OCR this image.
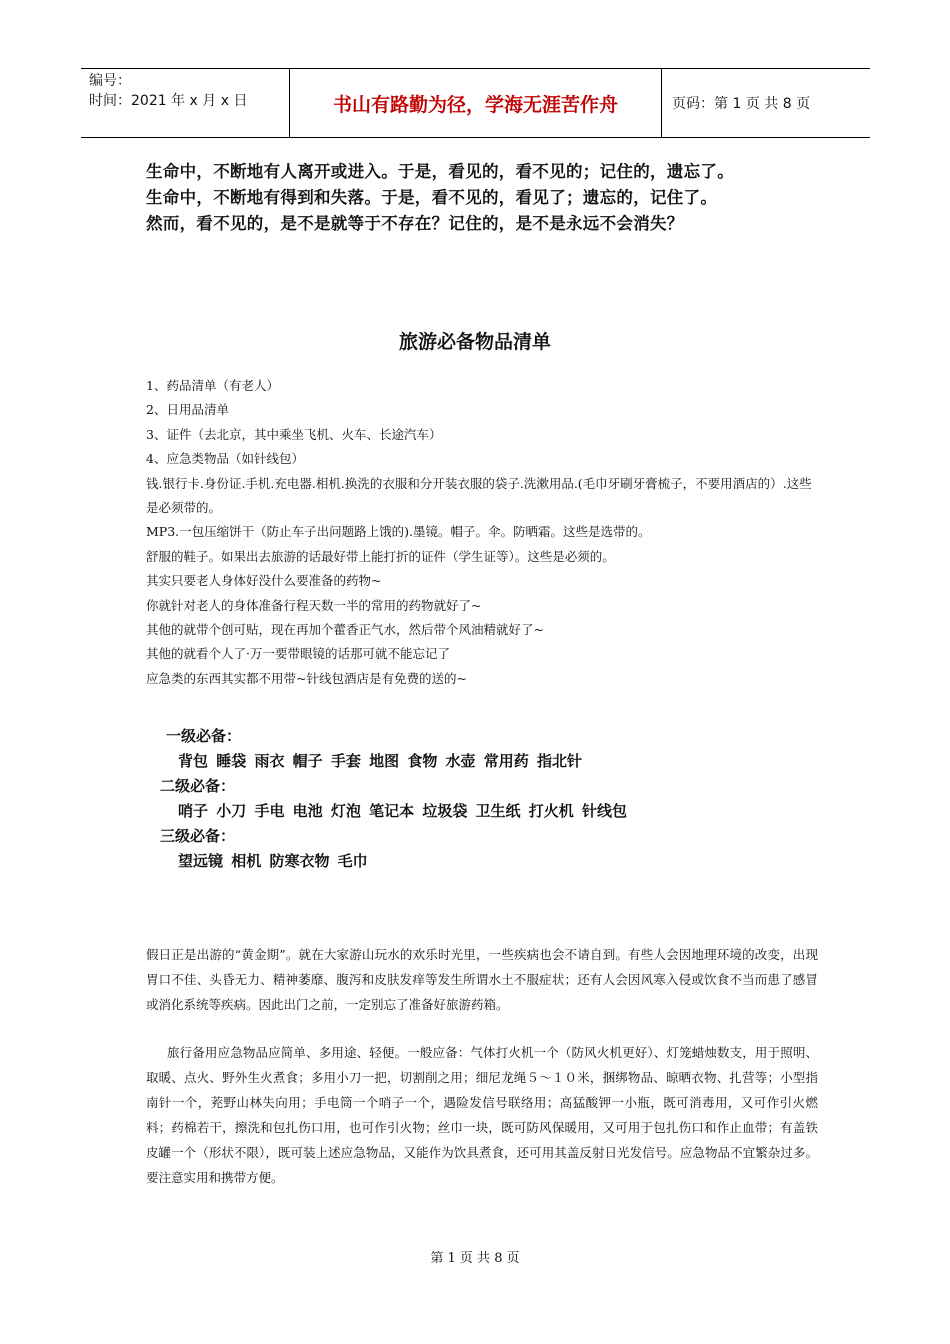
编号：
时间：2021 年 x 月 x 日	书山有路勤为径，学海无涯苦作舟	页码：第 1 页 共 8 页
生命中，不断地有人离开或进入。于是，看见的，看不见的；记住的，遗忘了。
生命中，不断地有得到和失落。于是，看不见的，看见了；遗忘的，记住了。
然而，看不见的，是不是就等于不存在？记住的，是不是永远不会消失？
旅游必备物品清单

1、药品清单（有老人）

2、日用品清单

3、证件（去北京，其中乘坐飞机、火车、长途汽车）

4、应急类物品（如针线包）

钱.银行卡.身份证.手机.充电器.相机.换洗的衣服和分开装衣服的袋子.洗漱用品.(毛巾牙刷牙膏梳子，不要用酒店的）.这些是必须带的。

MP3.一包压缩饼干（防止车子出问题路上饿的).墨镜。帽子。伞。防晒霜。这些是选带的。

舒服的鞋子。如果出去旅游的话最好带上能打折的证件（学生证等）。这些是必须的。

其实只要老人身体好没什么要准备的药物~

你就针对老人的身体准备行程天数一半的常用的药物就好了~

其他的就带个创可贴，现在再加个藿香正气水，然后带个风油精就好了~

其他的就看个人了·万一要带眼镜的话那可就不能忘记了

应急类的东西其实都不用带~针线包酒店是有免费的送的~

一级必备：
背包 睡袋 雨衣 帽子 手套 地图 食物 水壶 常用药 指北针
二级必备：
哨子 小刀 手电 电池 灯泡 笔记本 垃圾袋 卫生纸 打火机 针线包
三级必备：
望远镜 相机 防寒衣物 毛巾
假日正是出游的“黄金期”。就在大家游山玩水的欢乐时光里，一些疾病也会不请自到。有些人会因地理环境的改变，出现胃口不佳、头昏无力、精神萎靡、腹泻和皮肤发痒等发生所谓水土不服症状；还有人会因风寒入侵或饮食不当而患了感冒或消化系统等疾病。因此出门之前，一定别忘了准备好旅游药箱。
旅行备用应急物品应简单、多用途、轻便。一般应备：气体打火机一个（防风火机更好）、灯笼蜡烛数支，用于照明、取暖、点火、野外生火煮食；多用小刀一把，切割削之用；细尼龙绳５～１０米，捆绑物品、晾晒衣物、扎营等；小型指南针一个，茺野山林失向用；手电筒一个哨子一个，遇险发信号联络用；高猛酸钾一小瓶，既可消毒用，又可作引火燃料；药棉若干，擦洗和包扎伤口用，也可作引火物；丝巾一块，既可防风保暖用，又可用于包扎伤口和作止血带；有盖铁皮罐一个（形状不限），既可装上述应急物品，又能作为饮具煮食，还可用其盖反射日光发信号。应急物品不宜繁杂过多。要注意实用和携带方便。
第 1 页 共 8 页
